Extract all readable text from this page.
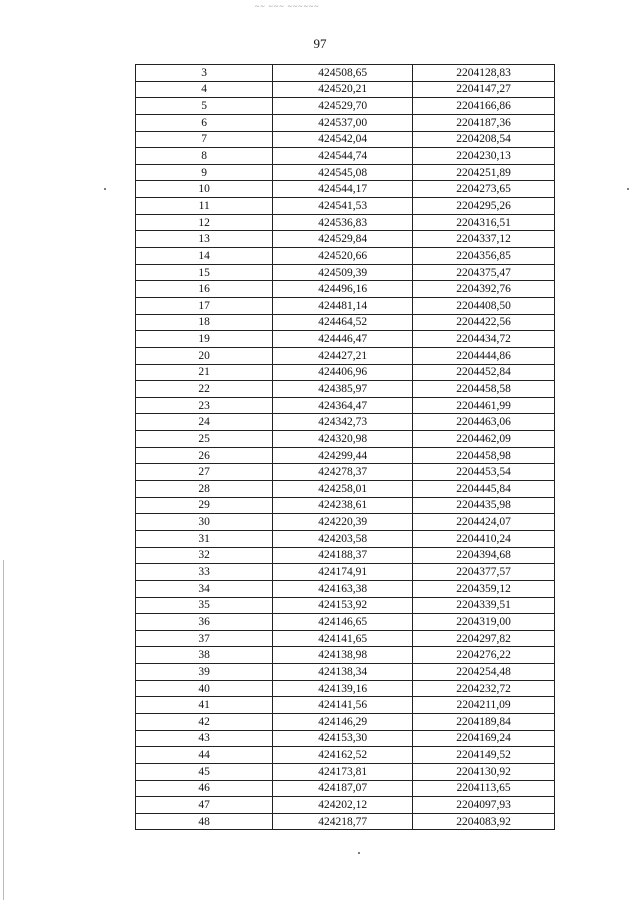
~~ ~~~ ~~~~~~
97
3	424508,65	2204128,83
4	424520,21	2204147,27
5	424529,70	2204166,86
6	424537,00	2204187,36
7	424542,04	2204208,54
8	424544,74	2204230,13
9	424545,08	2204251,89
10	424544,17	2204273,65
11	424541,53	2204295,26
12	424536,83	2204316,51
13	424529,84	2204337,12
14	424520,66	2204356,85
15	424509,39	2204375,47
16	424496,16	2204392,76
17	424481,14	2204408,50
18	424464,52	2204422,56
19	424446,47	2204434,72
20	424427,21	2204444,86
21	424406,96	2204452,84
22	424385,97	2204458,58
23	424364,47	2204461,99
24	424342,73	2204463,06
25	424320,98	2204462,09
26	424299,44	2204458,98
27	424278,37	2204453,54
28	424258,01	2204445,84
29	424238,61	2204435,98
30	424220,39	2204424,07
31	424203,58	2204410,24
32	424188,37	2204394,68
33	424174,91	2204377,57
34	424163,38	2204359,12
35	424153,92	2204339,51
36	424146,65	2204319,00
37	424141,65	2204297,82
38	424138,98	2204276,22
39	424138,34	2204254,48
40	424139,16	2204232,72
41	424141,56	2204211,09
42	424146,29	2204189,84
43	424153,30	2204169,24
44	424162,52	2204149,52
45	424173,81	2204130,92
46	424187,07	2204113,65
47	424202,12	2204097,93
48	424218,77	2204083,92
